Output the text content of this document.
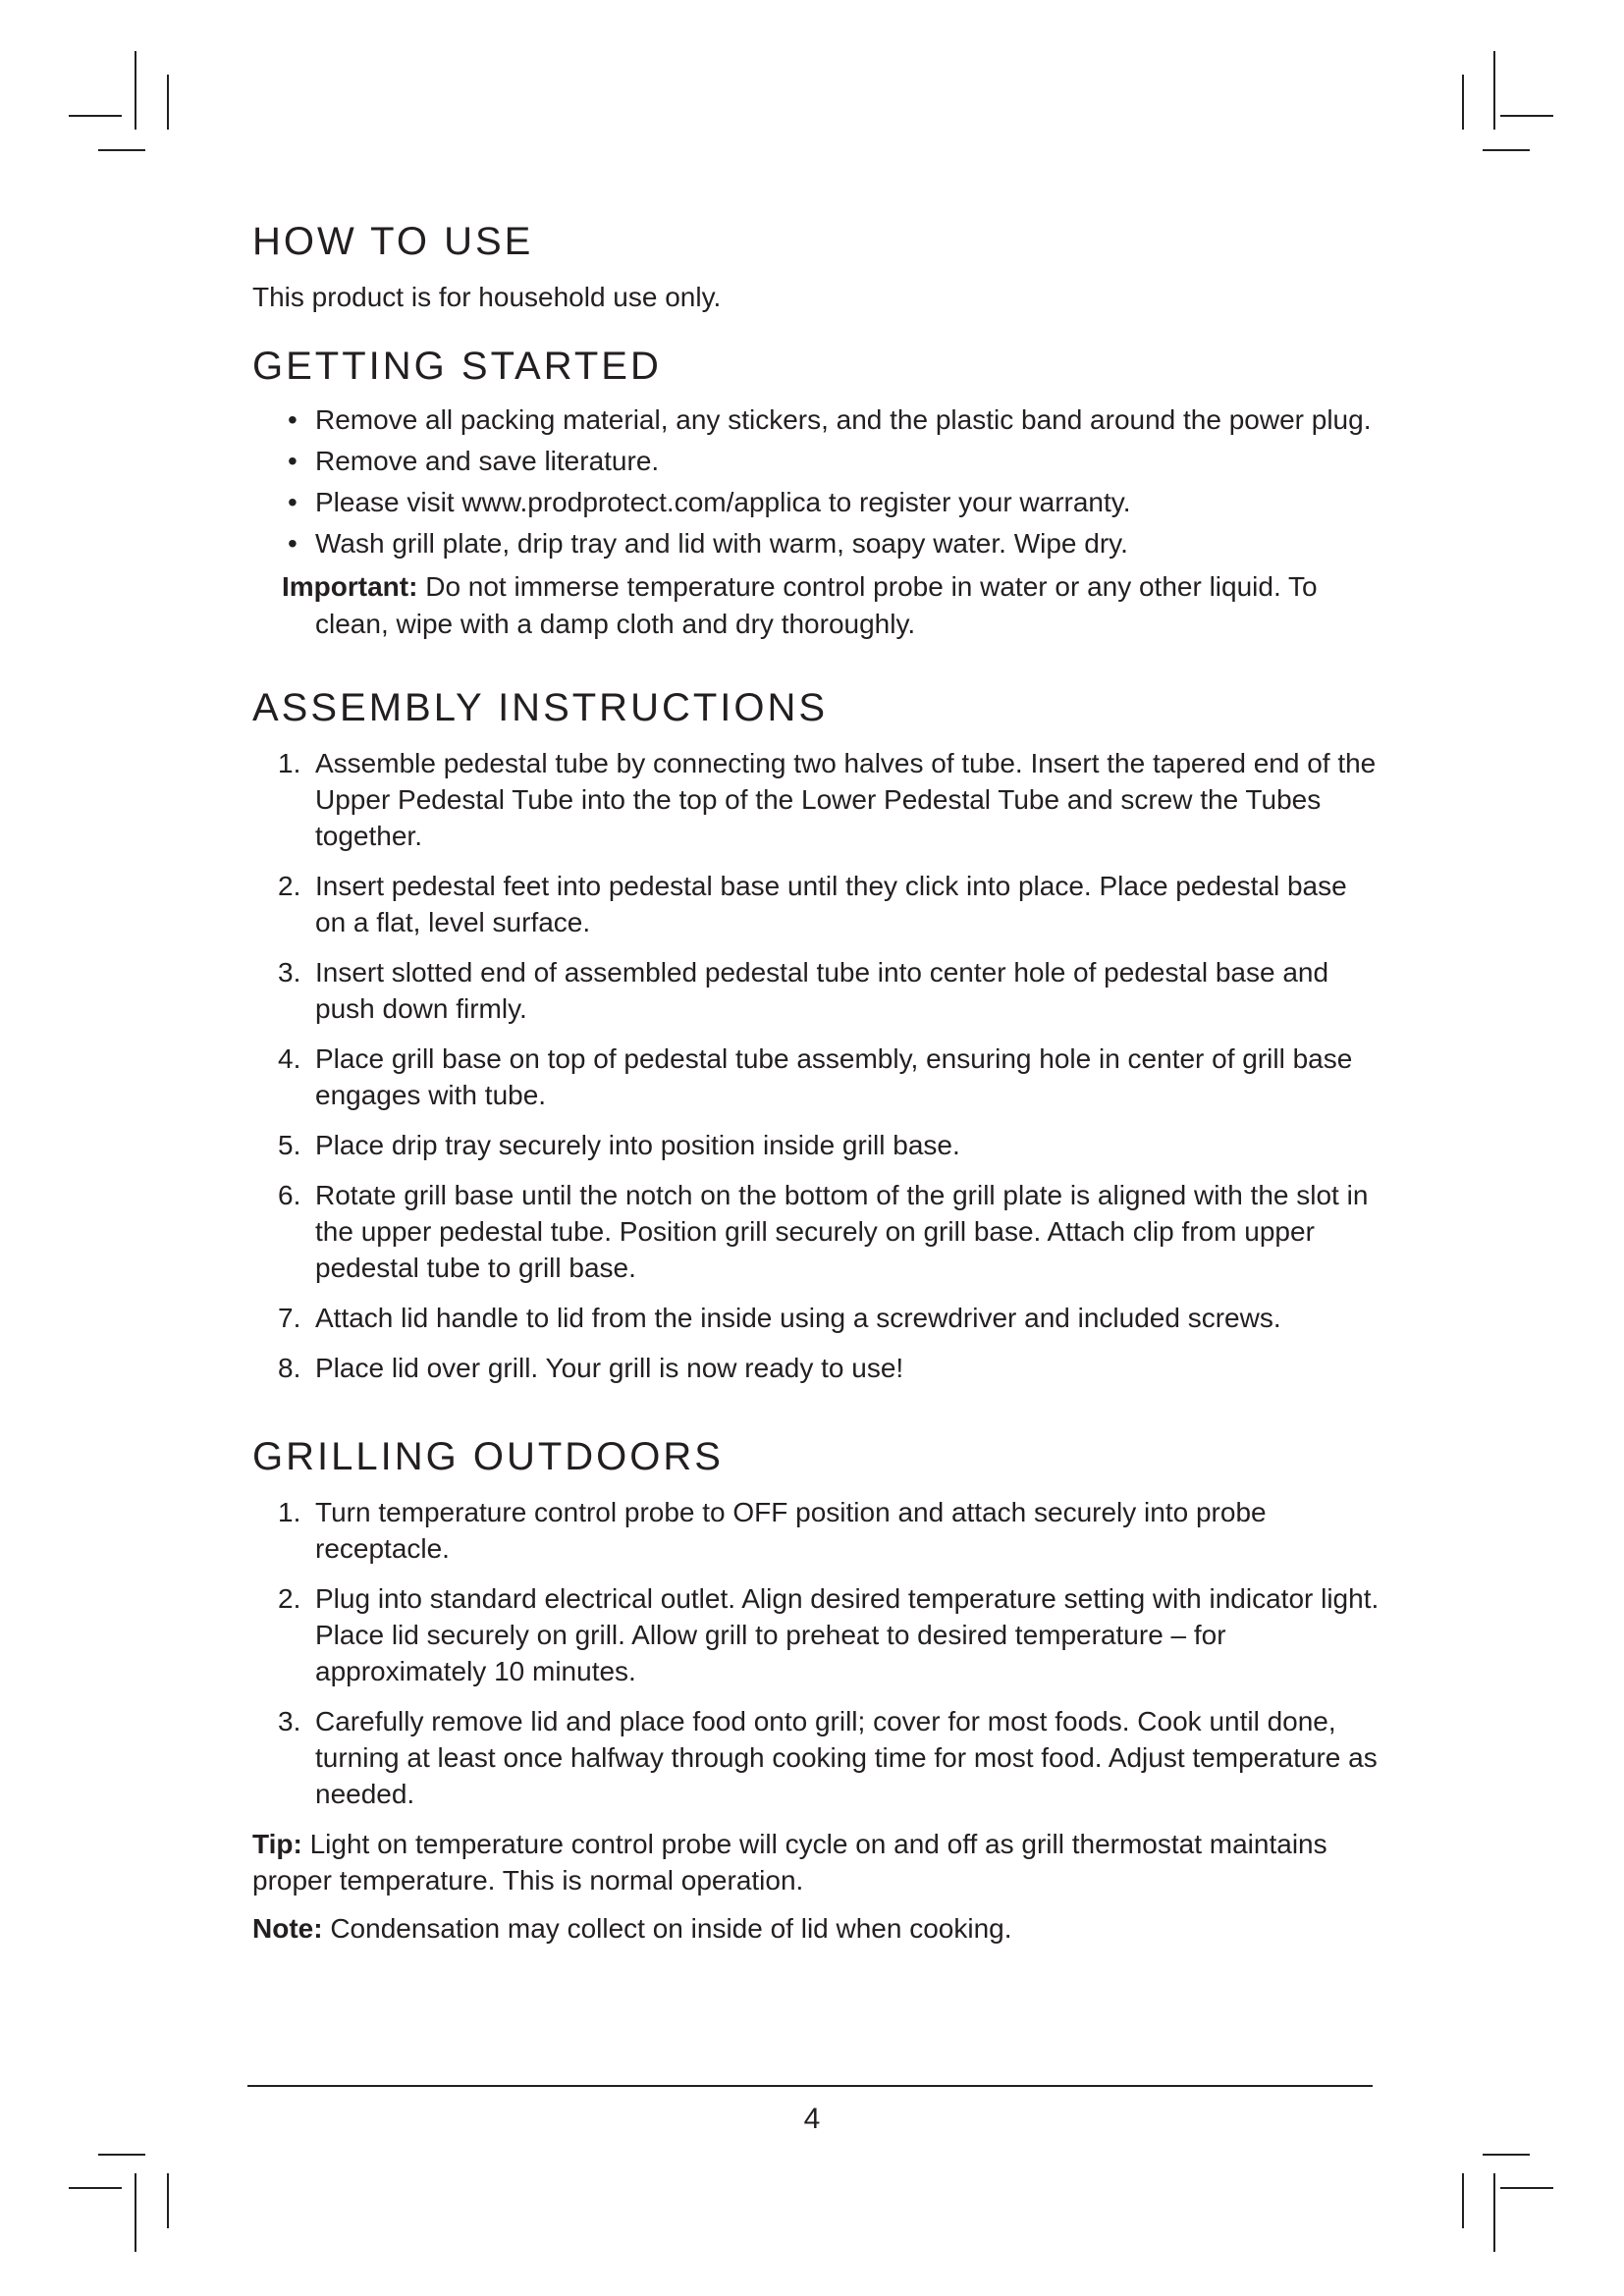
HOW TO USE

This product is for household use only.

GETTING STARTED
• Remove all packing material, any stickers, and the plastic band around the power plug.
• Remove and save literature.
• Please visit www.prodprotect.com/applica to register your warranty.
• Wash grill plate, drip tray and lid with warm, soapy water. Wipe dry.

Important: Do not immerse temperature control probe in water or any other liquid. To clean, wipe with a damp cloth and dry thoroughly.

ASSEMBLY INSTRUCTIONS
1. Assemble pedestal tube by connecting two halves of tube. Insert the tapered end of the Upper Pedestal Tube into the top of the Lower Pedestal Tube and screw the Tubes together.
2. Insert pedestal feet into pedestal base until they click into place. Place pedestal base on a flat, level surface.
3. Insert slotted end of assembled pedestal tube into center hole of pedestal base and push down firmly.
4. Place grill base on top of pedestal tube assembly, ensuring hole in center of grill base engages with tube.
5. Place drip tray securely into position inside grill base.
6. Rotate grill base until the notch on the bottom of the grill plate is aligned with the slot in the upper pedestal tube. Position grill securely on grill base. Attach clip from upper pedestal tube to grill base.
7. Attach lid handle to lid from the inside using a screwdriver and included screws.
8. Place lid over grill. Your grill is now ready to use!
GRILLING OUTDOORS
1. Turn temperature control probe to OFF position and attach securely into probe receptacle.
2. Plug into standard electrical outlet. Align desired temperature setting with indicator light. Place lid securely on grill. Allow grill to preheat to desired temperature – for approximately 10 minutes.
3. Carefully remove lid and place food onto grill; cover for most foods. Cook until done, turning at least once halfway through cooking time for most food. Adjust temperature as needed.

Tip: Light on temperature control probe will cycle on and off as grill thermostat maintains proper temperature. This is normal operation.

Note: Condensation may collect on inside of lid when cooking.

4
